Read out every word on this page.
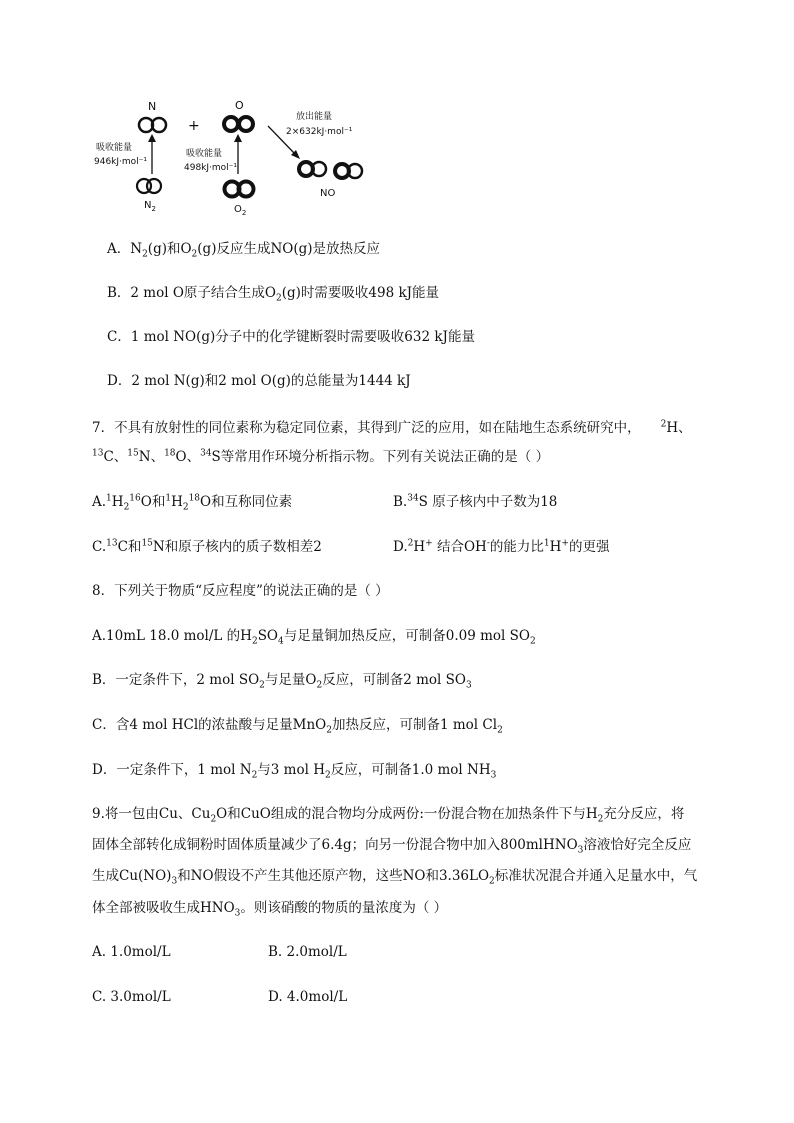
N
吸收能量
946kJ·mol⁻¹
$N_2$
+
O
吸收能量
498kJ·mol⁻¹
$O_2$
放出能量
2×632kJ·mol⁻¹
NO
A．$N_2(g)$和$O_2(g)$反应生成NO(g)是放热反应
B．2 mol O原子结合生成$O_2(g)$时需要吸收498 kJ能量
C．1 mol NO(g)分子中的化学键断裂时需要吸收632 kJ能量
D．2 mol N(g)和2 mol O(g)的总能量为1444 kJ
7．不具有放射性的同位素称为稳定同位素，其得到广泛的应用，如在陆地生态系统研究中， $^2$H、
$^{13}$C、$^{15}$N、$^{18}$O、$^{34}$S等常用作环境分析指示物。下列有关说法正确的是（ ）
$A.^1H_2^{16}O$和$^1H_2^{18}O$和互称同位素	B.$^{34}$S 原子核内中子数为18
C.$^{13}$C和$^{15}$N和原子核内的质子数相差2	D.$^2$H+ 结合OH-的能力比$^1$H+的更强
8．下列关于物质“反应程度”的说法正确的是（ ）
A.10mL 18.0 mol/L 的$H_2SO_4$与足量铜加热反应，可制备0.09 mol $SO_2$
B．一定条件下，2 mol $SO_2$与足量$O_2$反应，可制备2 mol $SO_3$
C．含4 mol HCl的浓盐酸与足量MnO$_2$加热反应，可制备1 mol $Cl_2$
D．一定条件下，1 mol $N_2$与3 mol $H_2$反应，可制备1.0 mol $NH_3$
9.将一包由Cu、$Cu_2O$和CuO组成的混合物均分成两份:一份混合物在加热条件下与$H_2$充分反应，将
固体全部转化成铜粉时固体质量减少了6.4g；向另一份混合物中加入800mlHNO$_3$溶液恰好完全反应
生成$Cu(NO)_3$和NO假设不产生其他还原产物，这些NO和$3.36LO_2$标准状况混合并通入足量水中，气
体全部被吸收生成$HNO_3$。则该硝酸的物质的量浓度为（ ）
A. 1.0mol/L	B. 2.0mol/L
C. 3.0mol/L	D. 4.0mol/L
